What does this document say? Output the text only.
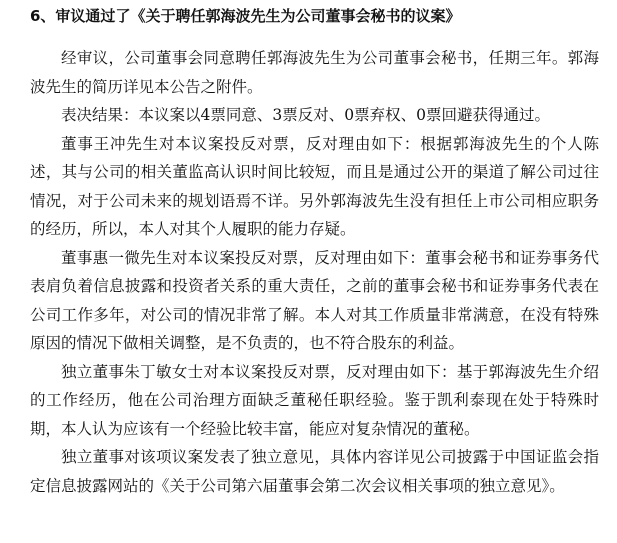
6、审议通过了《关于聘任郭海波先生为公司董事会秘书的议案》

经审议，公司董事会同意聘任郭海波先生为公司董事会秘书，任期三年。郭海波先生的简历详见本公告之附件。

表决结果：本议案以4票同意、3票反对、0票弃权、0票回避获得通过。

董事王冲先生对本议案投反对票，反对理由如下：根据郭海波先生的个人陈述，其与公司的相关董监高认识时间比较短，而且是通过公开的渠道了解公司过往情况，对于公司未来的规划语焉不详。另外郭海波先生没有担任上市公司相应职务的经历，所以，本人对其个人履职的能力存疑。

董事惠一微先生对本议案投反对票，反对理由如下：董事会秘书和证券事务代表肩负着信息披露和投资者关系的重大责任，之前的董事会秘书和证券事务代表在公司工作多年，对公司的情况非常了解。本人对其工作质量非常满意，在没有特殊原因的情况下做相关调整，是不负责的，也不符合股东的利益。

独立董事朱丁敏女士对本议案投反对票，反对理由如下：基于郭海波先生介绍的工作经历，他在公司治理方面缺乏董秘任职经验。鉴于凯利泰现在处于特殊时期，本人认为应该有一个经验比较丰富，能应对复杂情况的董秘。

独立董事对该项议案发表了独立意见，具体内容详见公司披露于中国证监会指定信息披露网站的《关于公司第六届董事会第二次会议相关事项的独立意见》。
